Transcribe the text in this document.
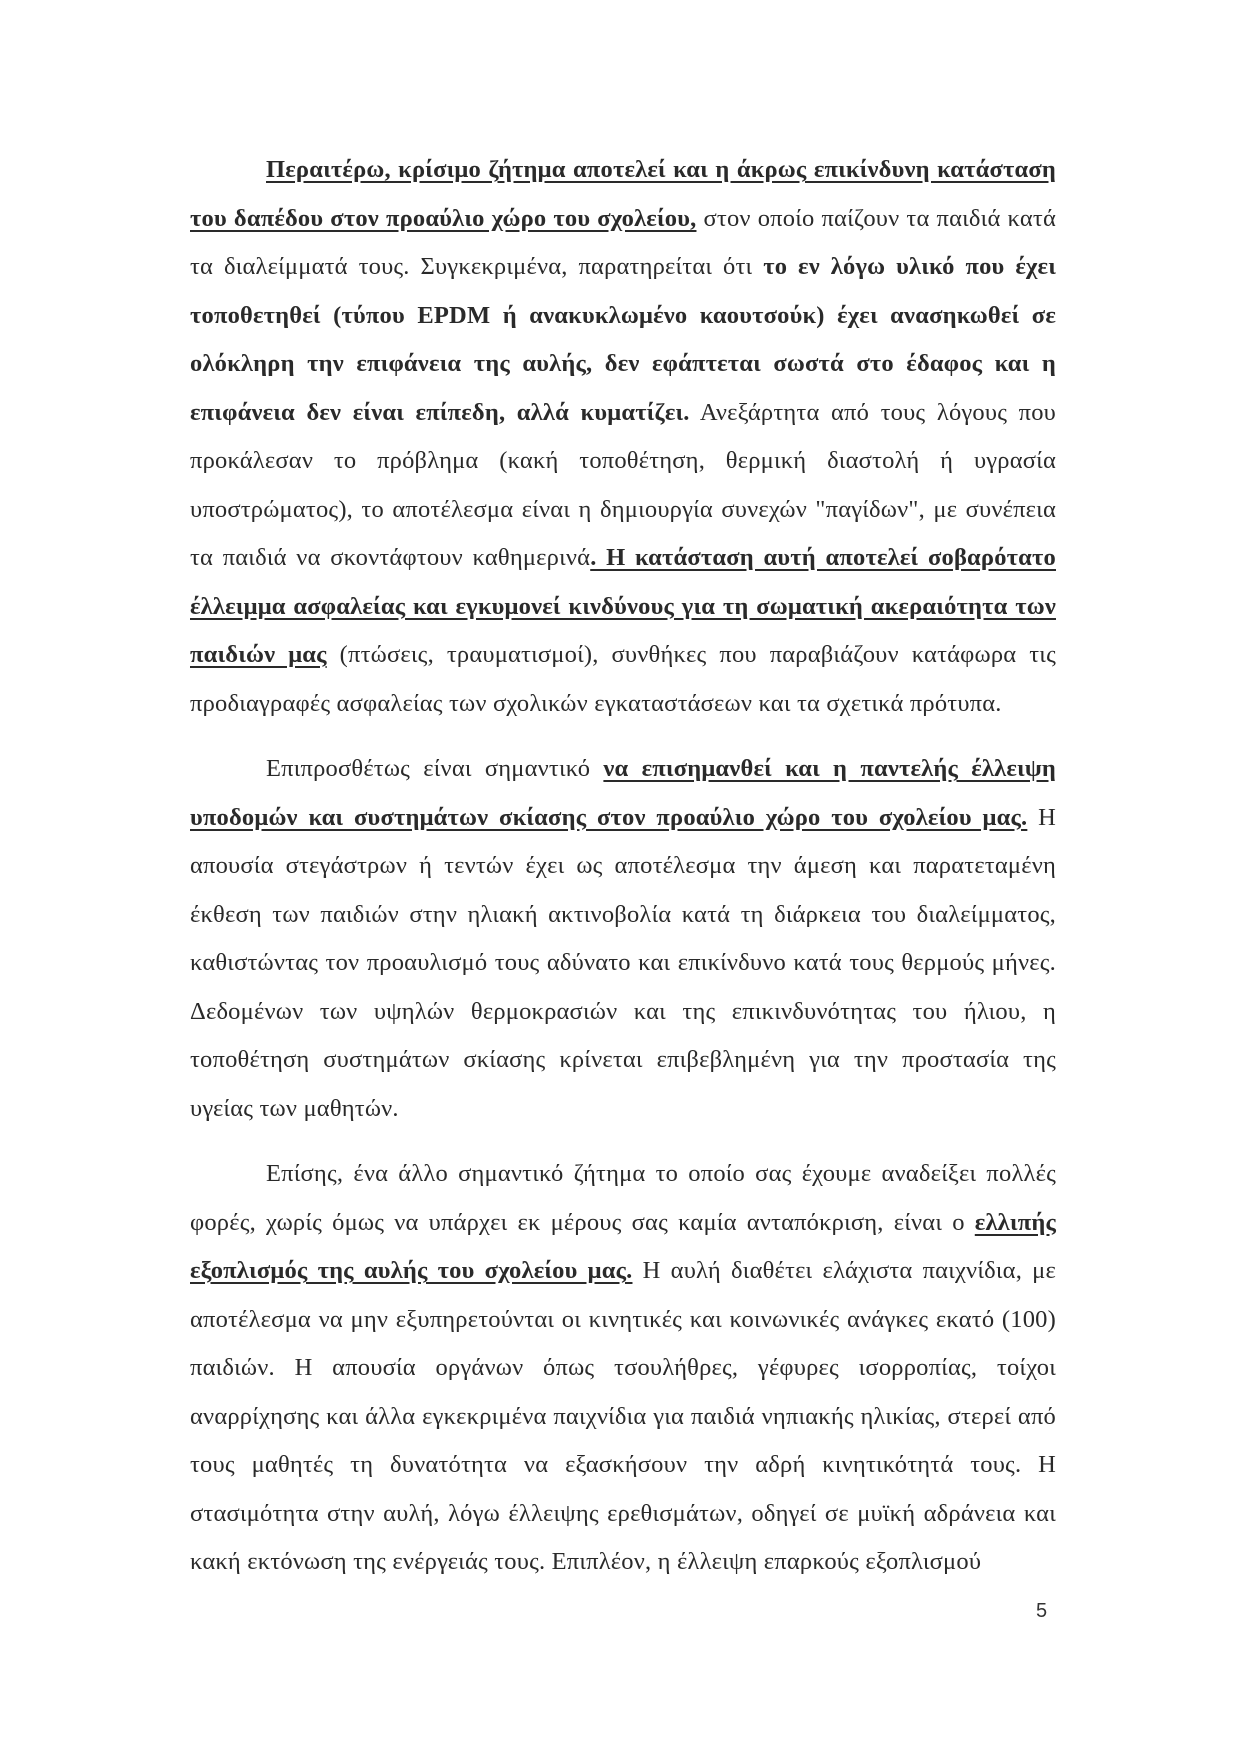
Περαιτέρω, κρίσιμο ζήτημα αποτελεί και η άκρως επικίνδυνη κατάσταση του δαπέδου στον προαύλιο χώρο του σχολείου, στον οποίο παίζουν τα παιδιά κατά τα διαλείμματά τους. Συγκεκριμένα, παρατηρείται ότι το εν λόγω υλικό που έχει τοποθετηθεί (τύπου EPDM ή ανακυκλωμένο καουτσούκ) έχει ανασηκωθεί σε ολόκληρη την επιφάνεια της αυλής, δεν εφάπτεται σωστά στο έδαφος και η επιφάνεια δεν είναι επίπεδη, αλλά κυματίζει. Ανεξάρτητα από τους λόγους που προκάλεσαν το πρόβλημα (κακή τοποθέτηση, θερμική διαστολή ή υγρασία υποστρώματος), το αποτέλεσμα είναι η δημιουργία συνεχών "παγίδων", με συνέπεια τα παιδιά να σκοντάφτουν καθημερινά. Η κατάσταση αυτή αποτελεί σοβαρότατο έλλειμμα ασφαλείας και εγκυμονεί κινδύνους για τη σωματική ακεραιότητα των παιδιών μας (πτώσεις, τραυματισμοί), συνθήκες που παραβιάζουν κατάφωρα τις προδιαγραφές ασφαλείας των σχολικών εγκαταστάσεων και τα σχετικά πρότυπα.

Επιπροσθέτως είναι σημαντικό να επισημανθεί και η παντελής έλλειψη υποδομών και συστημάτων σκίασης στον προαύλιο χώρο του σχολείου μας. Η απουσία στεγάστρων ή τεντών έχει ως αποτέλεσμα την άμεση και παρατεταμένη έκθεση των παιδιών στην ηλιακή ακτινοβολία κατά τη διάρκεια του διαλείμματος, καθιστώντας τον προαυλισμό τους αδύνατο και επικίνδυνο κατά τους θερμούς μήνες. Δεδομένων των υψηλών θερμοκρασιών και της επικινδυνότητας του ήλιου, η τοποθέτηση συστημάτων σκίασης κρίνεται επιβεβλημένη για την προστασία της υγείας των μαθητών.

Επίσης, ένα άλλο σημαντικό ζήτημα το οποίο σας έχουμε αναδείξει πολλές φορές, χωρίς όμως να υπάρχει εκ μέρους σας καμία ανταπόκριση, είναι ο ελλιπής εξοπλισμός της αυλής του σχολείου μας. Η αυλή διαθέτει ελάχιστα παιχνίδια, με αποτέλεσμα να μην εξυπηρετούνται οι κινητικές και κοινωνικές ανάγκες εκατό (100) παιδιών. Η απουσία οργάνων όπως τσουλήθρες, γέφυρες ισορροπίας, τοίχοι αναρρίχησης και άλλα εγκεκριμένα παιχνίδια για παιδιά νηπιακής ηλικίας, στερεί από τους μαθητές τη δυνατότητα να εξασκήσουν την αδρή κινητικότητά τους. Η στασιμότητα στην αυλή, λόγω έλλειψης ερεθισμάτων, οδηγεί σε μυϊκή αδράνεια και κακή εκτόνωση της ενέργειάς τους. Επιπλέον, η έλλειψη επαρκούς εξοπλισμού

5
